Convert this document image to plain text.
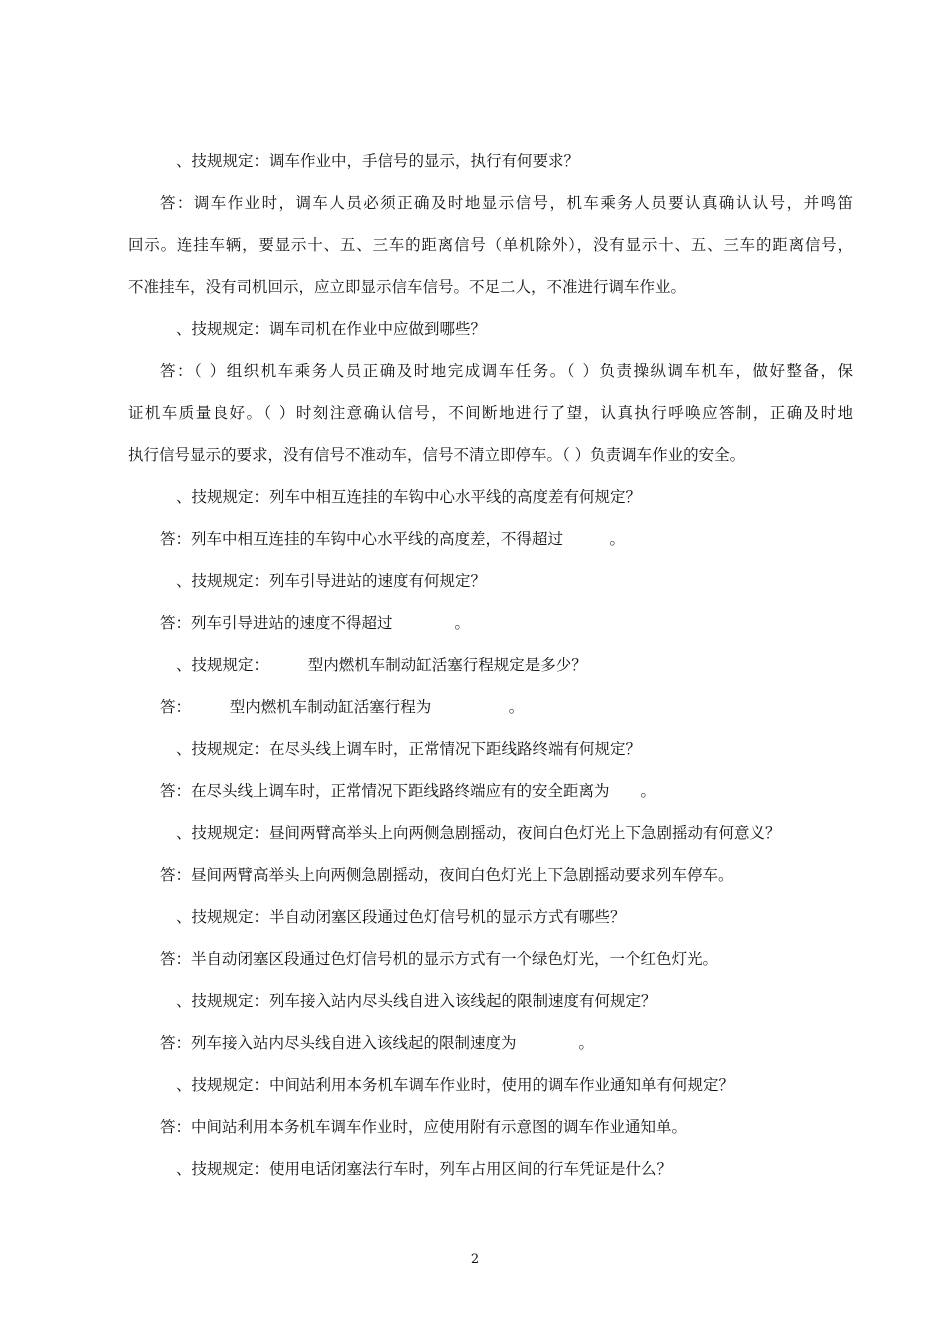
、技规规定：调车作业中，手信号的显示，执行有何要求？

答：调车作业时，调车人员必须正确及时地显示信号，机车乘务人员要认真确认认号，并鸣笛

回示。连挂车辆，要显示十、五、三车的距离信号（单机除外），没有显示十、五、三车的距离信号，

不准挂车，没有司机回示，应立即显示信车信号。不足二人，不准进行调车作业。

、技规规定：调车司机在作业中应做到哪些？

答：（ ）组织机车乘务人员正确及时地完成调车任务。（ ）负责操纵调车机车，做好整备，保

证机车质量良好。（ ）时刻注意确认信号，不间断地进行了望，认真执行呼唤应答制，正确及时地

执行信号显示的要求，没有信号不准动车，信号不清立即停车。（ ）负责调车作业的安全。

、技规规定：列车中相互连挂的车钩中心水平线的高度差有何规定？

答：列车中相互连挂的车钩中心水平线的高度差，不得超过　　　。

、技规规定：列车引导进站的速度有何规定？

答：列车引导进站的速度不得超过　　　　。

、技规规定：　　　型内燃机车制动缸活塞行程规定是多少？

答：　　　型内燃机车制动缸活塞行程为　　　　　。

、技规规定：在尽头线上调车时，正常情况下距线路终端有何规定？

答：在尽头线上调车时，正常情况下距线路终端应有的安全距离为　　。

、技规规定：昼间两臂高举头上向两侧急剧摇动，夜间白色灯光上下急剧摇动有何意义？

答：昼间两臂高举头上向两侧急剧摇动，夜间白色灯光上下急剧摇动要求列车停车。

、技规规定：半自动闭塞区段通过色灯信号机的显示方式有哪些？

答：半自动闭塞区段通过色灯信号机的显示方式有一个绿色灯光，一个红色灯光。

、技规规定：列车接入站内尽头线自进入该线起的限制速度有何规定？

答：列车接入站内尽头线自进入该线起的限制速度为　　　　。

、技规规定：中间站利用本务机车调车作业时，使用的调车作业通知单有何规定？

答：中间站利用本务机车调车作业时，应使用附有示意图的调车作业通知单。

、技规规定：使用电话闭塞法行车时，列车占用区间的行车凭证是什么？

2
